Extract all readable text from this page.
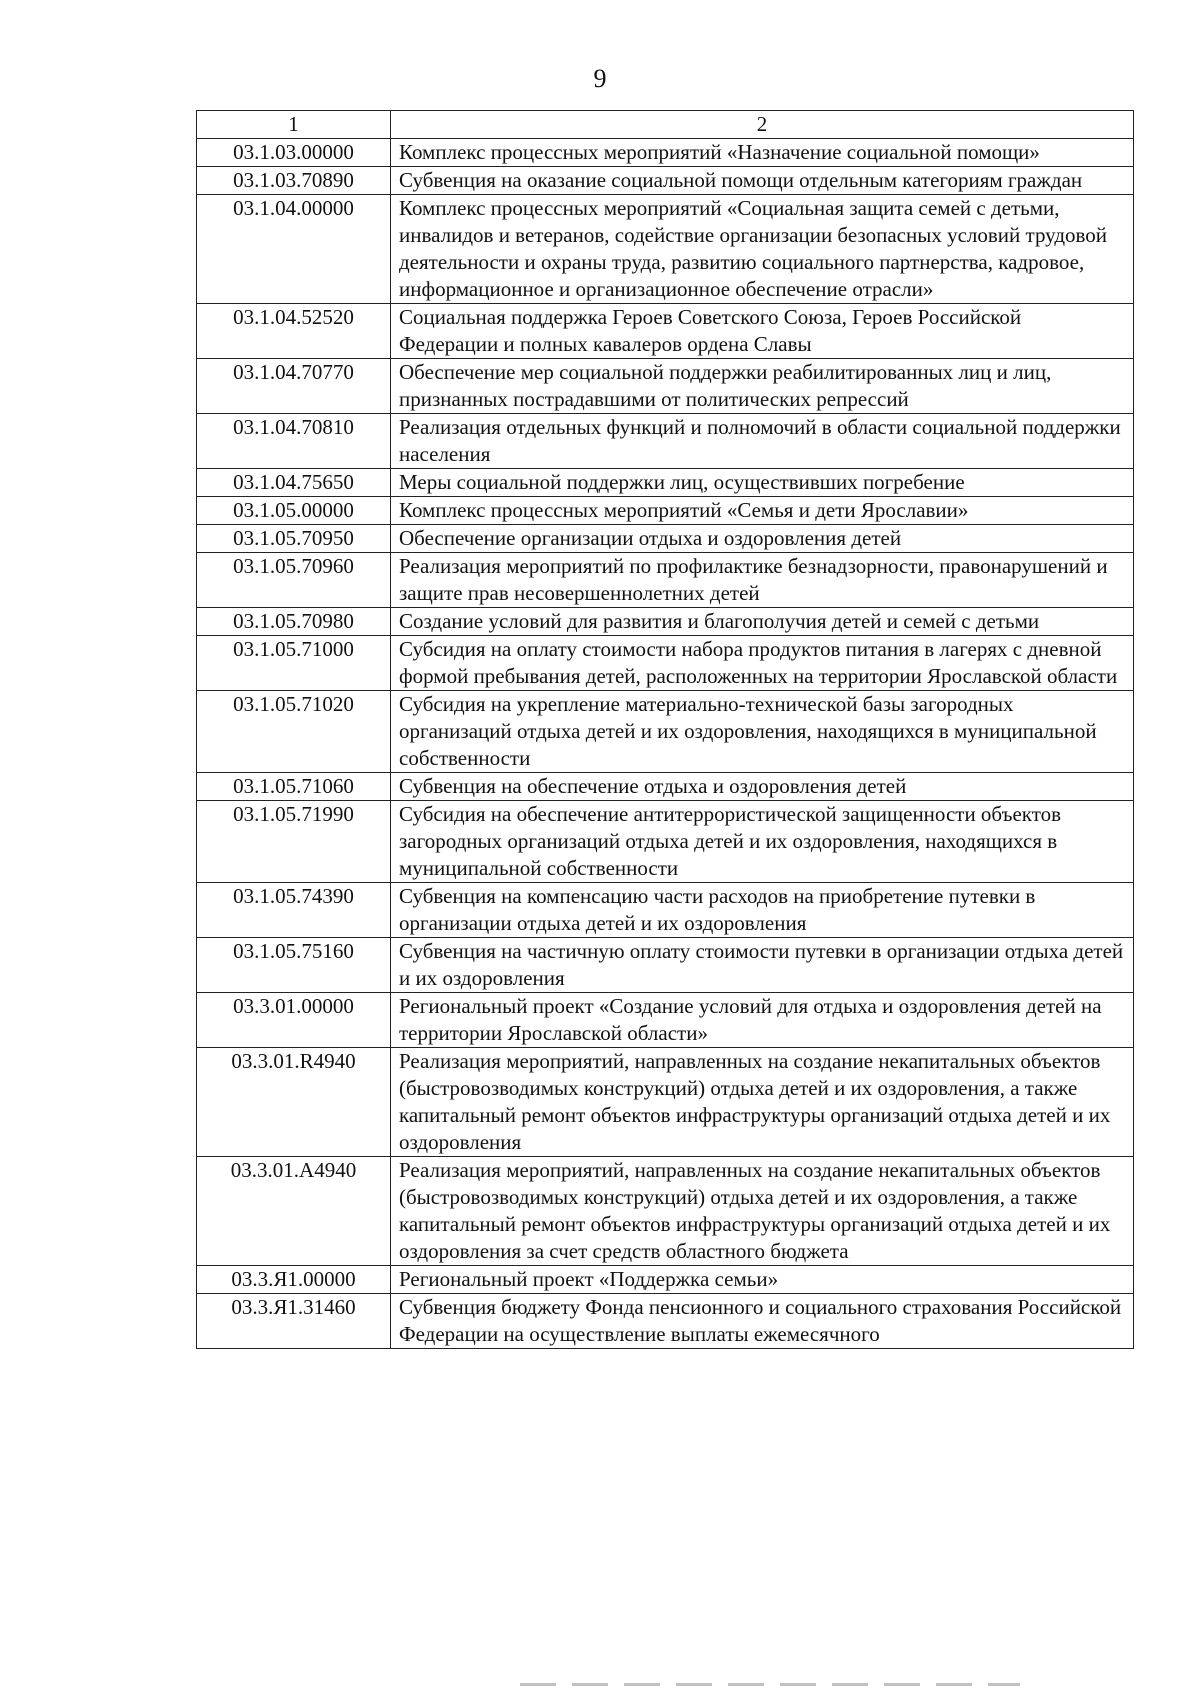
9
1	2
03.1.03.00000	Комплекс процессных мероприятий «Назначение социальной помощи»
03.1.03.70890	Субвенция на оказание социальной помощи отдельным категориям граждан
03.1.04.00000	Комплекс процессных мероприятий «Социальная защита семей с детьми, инвалидов и ветеранов, содействие организации безопасных условий трудовой деятельности и охраны труда, развитию социального партнерства, кадровое, информационное и организационное обеспечение отрасли»
03.1.04.52520	Социальная поддержка Героев Советского Союза, Героев Российской Федерации и полных кавалеров ордена Славы
03.1.04.70770	Обеспечение мер социальной поддержки реабилитированных лиц и лиц, признанных пострадавшими от политических репрессий
03.1.04.70810	Реализация отдельных функций и полномочий в области социальной поддержки населения
03.1.04.75650	Меры социальной поддержки лиц, осуществивших погребение
03.1.05.00000	Комплекс процессных мероприятий «Семья и дети Ярославии»
03.1.05.70950	Обеспечение организации отдыха и оздоровления детей
03.1.05.70960	Реализация мероприятий по профилактике безнадзорности, правонарушений и защите прав несовершеннолетних детей
03.1.05.70980	Создание условий для развития и благополучия детей и семей с детьми
03.1.05.71000	Субсидия на оплату стоимости набора продуктов питания в лагерях с дневной формой пребывания детей, расположенных на территории Ярославской области
03.1.05.71020	Субсидия на укрепление материально-технической базы загородных организаций отдыха детей и их оздоровления, находящихся в муниципальной собственности
03.1.05.71060	Субвенция на обеспечение отдыха и оздоровления детей
03.1.05.71990	Субсидия на обеспечение антитеррористической защищенности объектов загородных организаций отдыха детей и их оздоровления, находящихся в муниципальной собственности
03.1.05.74390	Субвенция на компенсацию части расходов на приобретение путевки в организации отдыха детей и их оздоровления
03.1.05.75160	Субвенция на частичную оплату стоимости путевки в организации отдыха детей и их оздоровления
03.3.01.00000	Региональный проект «Создание условий для отдыха и оздоровления детей на территории Ярославской области»
03.3.01.R4940	Реализация мероприятий, направленных на создание некапитальных объектов (быстровозводимых конструкций) отдыха детей и их оздоровления, а также капитальный ремонт объектов инфраструктуры организаций отдыха детей и их оздоровления
03.3.01.А4940	Реализация мероприятий, направленных на создание некапитальных объектов (быстровозводимых конструкций) отдыха детей и их оздоровления, а также капитальный ремонт объектов инфраструктуры организаций отдыха детей и их оздоровления за счет средств областного бюджета
03.3.Я1.00000	Региональный проект «Поддержка семьи»
03.3.Я1.31460	Субвенция бюджету Фонда пенсионного и социального страхования Российской Федерации на осуществление выплаты ежемесячного
